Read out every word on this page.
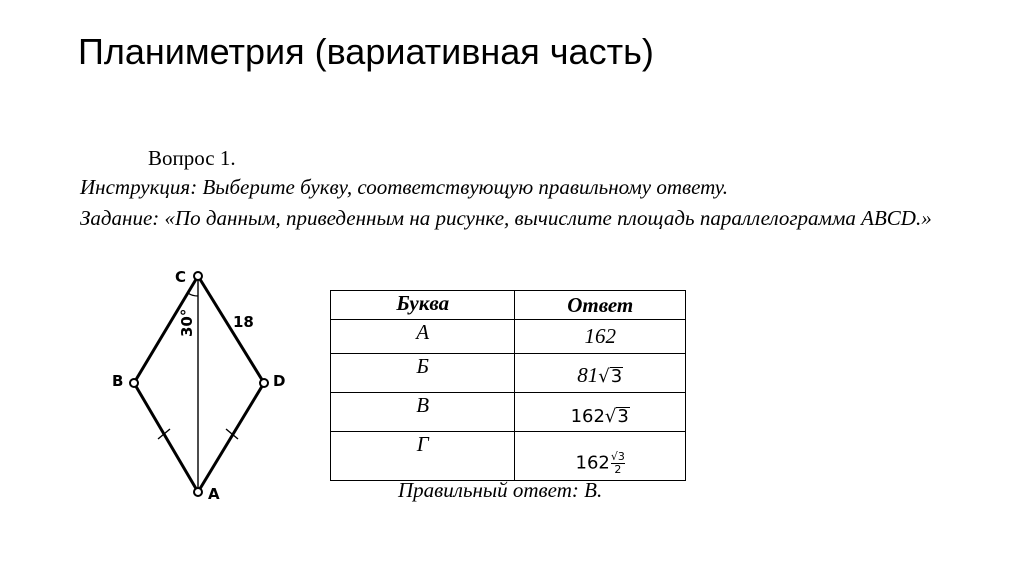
Планиметрия (вариативная часть)
Вопрос 1.
Инструкция: Выберите букву, соответствующую правильному ответу.
Задание: «По данным, приведенным на рисунке, вычислите площадь параллелограмма ABCD.»
C
B	D
A
18
30°
Буква	Ответ
А	162
Б	81√3
В	162√3
Г	$162 \frac{√3}{2}$
Правильный ответ: В.
